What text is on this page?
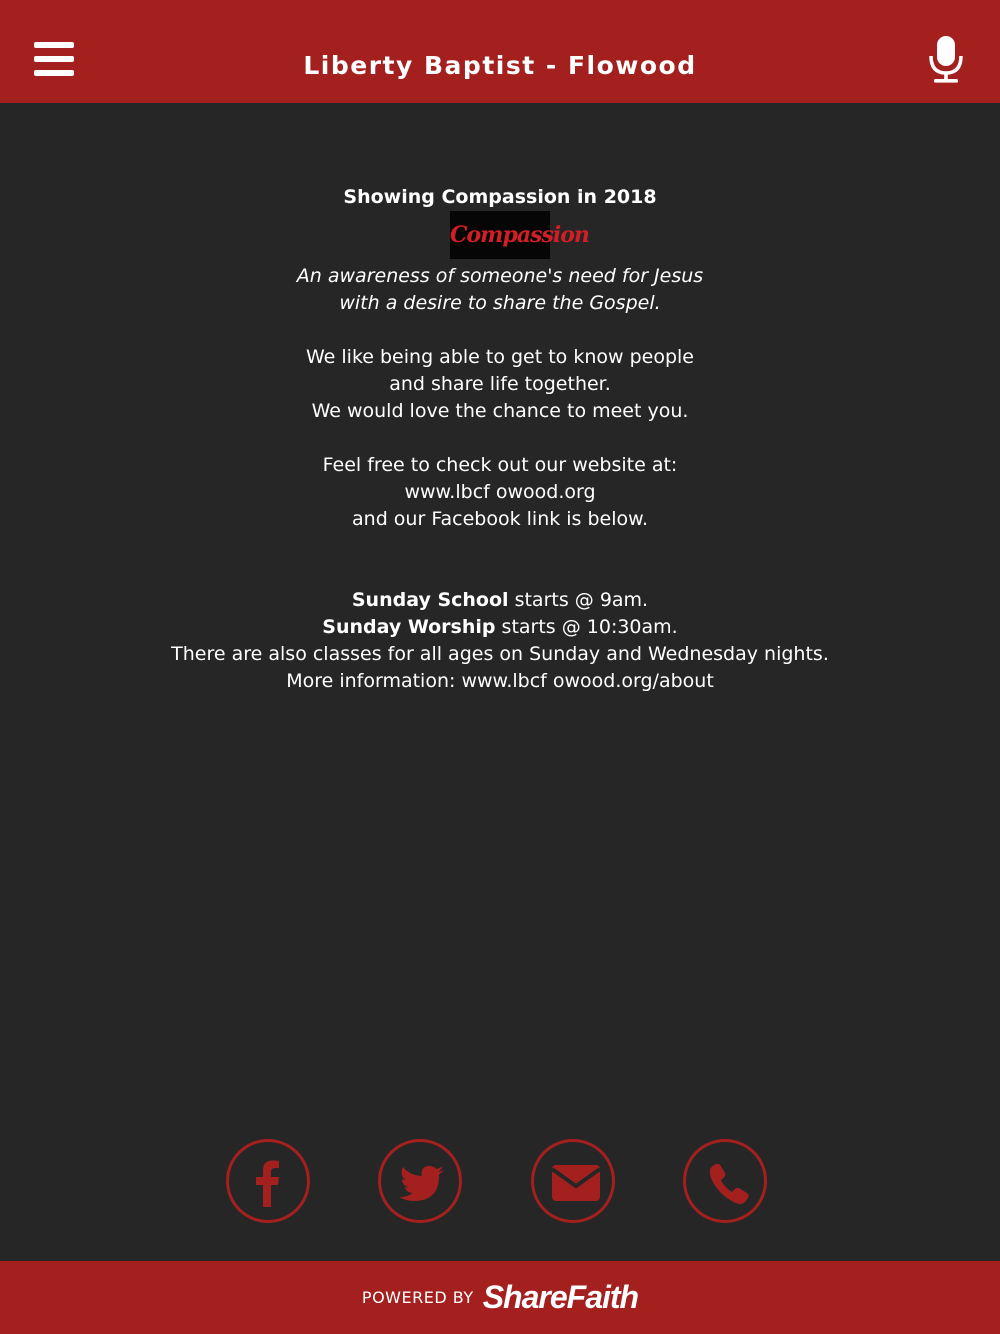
Liberty Baptist - Flowood

Showing Compassion in 2018

Compassion

An awareness of someone's need for Jesus

with a desire to share the Gospel.

We like being able to get to know people

and share life together.

We would love the chance to meet you.

Feel free to check out our website at:

www.lbcf owood.org

and our Facebook link is below.

Sunday School starts @ 9am.

Sunday Worship starts @ 10:30am.

There are also classes for all ages on Sunday and Wednesday nights.

More information: www.lbcf owood.org/about

POWERED BY ShareFaith
